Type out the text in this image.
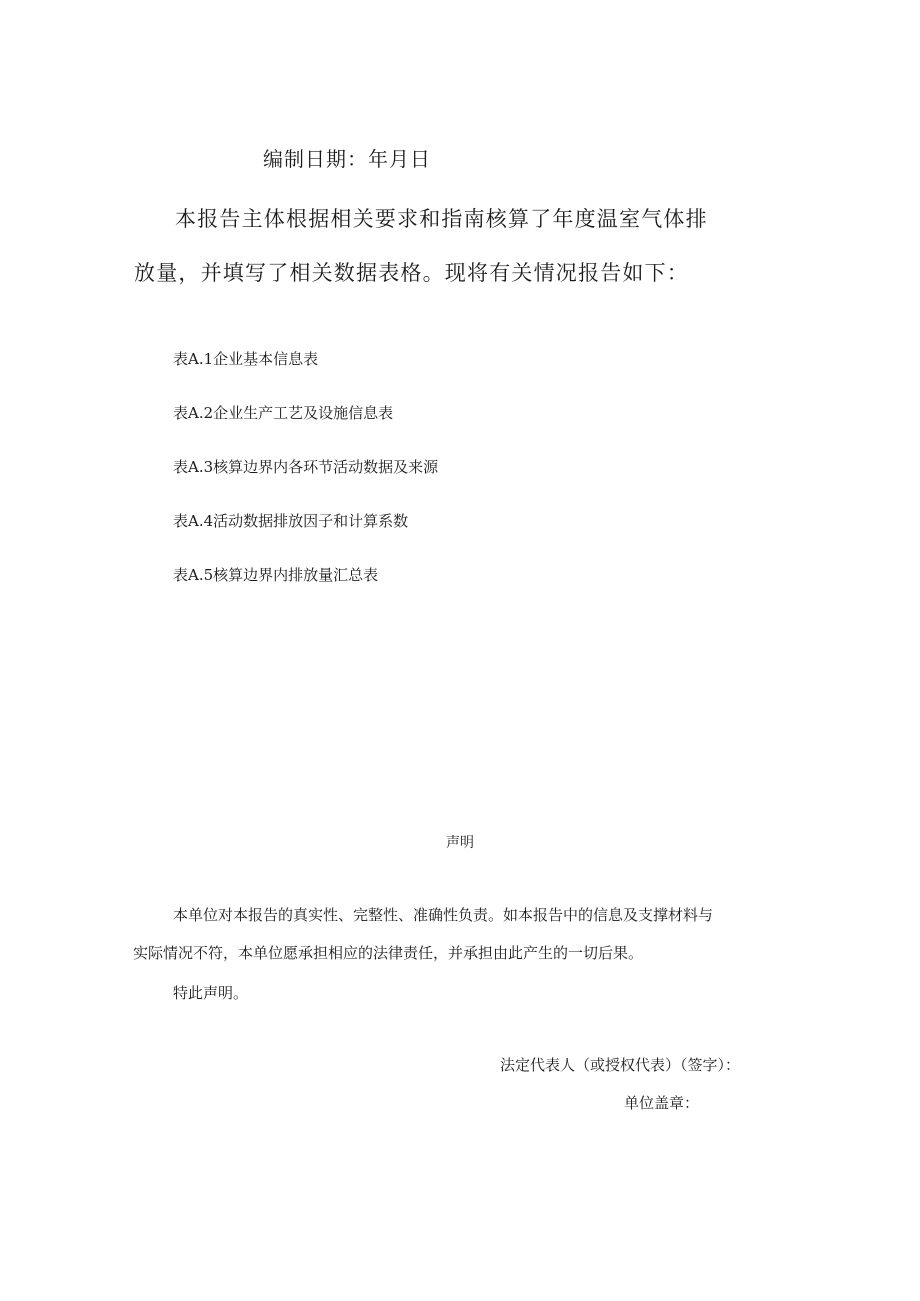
编制日期：年月日
本报告主体根据相关要求和指南核算了年度温室气体排
放量，并填写了相关数据表格。现将有关情况报告如下：
表A.1企业基本信息表
表A.2企业生产工艺及设施信息表
表A.3核算边界内各环节活动数据及来源
表A.4活动数据排放因子和计算系数
表A.5核算边界内排放量汇总表
声明
本单位对本报告的真实性、完整性、准确性负责。如本报告中的信息及支撑材料与
实际情况不符，本单位愿承担相应的法律责任，并承担由此产生的一切后果。
特此声明。
法定代表人（或授权代表）（签字）：
单位盖章：
